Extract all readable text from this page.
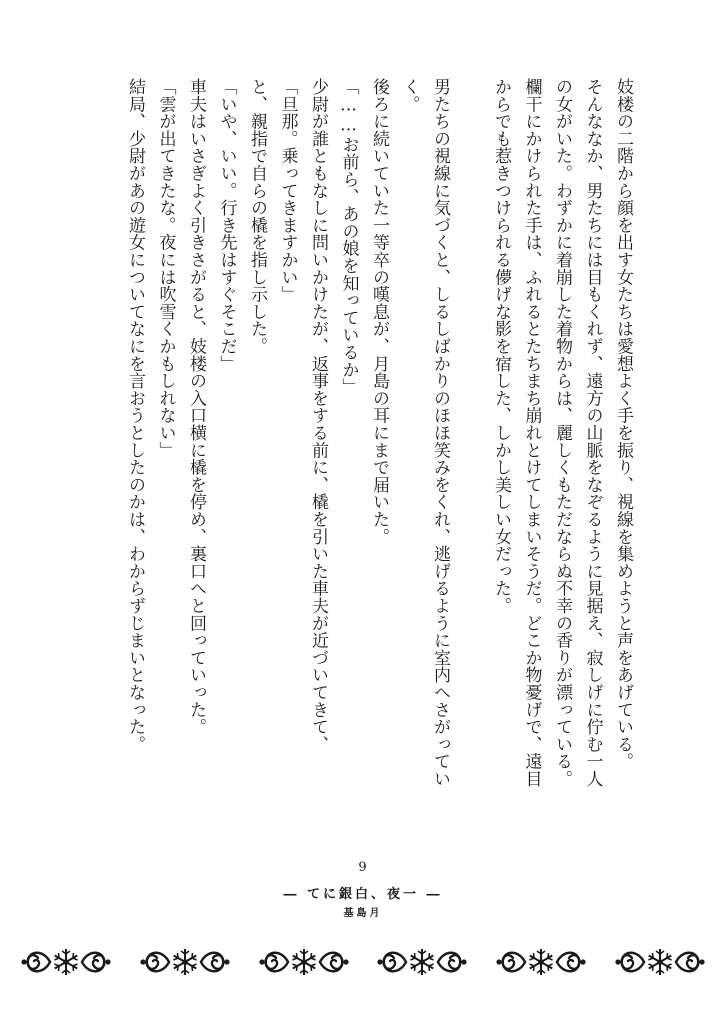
妓楼の二階から顔を出す女たちは愛想よく手を振り、視線を集めようと声をあげている。

そんななか、男たちには目もくれず、遠方の山脈をなぞるように見据え、寂しげに佇む一人の女がいた。わずかに着崩した着物からは、麗しくもただならぬ不幸の香りが漂っている。欄干にかけられた手は、ふれるとたちまち崩れとけてしまいそうだ。どこか物憂げで、遠目からでも惹きつけられる儚げな影を宿した、しかし美しい女だった。

男たちの視線に気づくと、しるしばかりのほほ笑みをくれ、逃げるように室内へさがっていく。

後ろに続いていた一等卒の嘆息が、月島の耳にまで届いた。

「……お前ら、あの娘を知っているか」

少尉が誰ともなしに問いかけたが、返事をする前に、橇を引いた車夫が近づいてきて、

「旦那。乗ってきますかい」

と、親指で自らの橇を指し示した。

「いや、いい。行き先はすぐそこだ」

車夫はいさぎよく引きさがると、妓楼の入口横に橇を停め、裏口へと回っていった。

「雲が出てきたな。夜には吹雪くかもしれない」

結局、少尉があの遊女についてなにを言おうとしたのかは、わからずじまいとなった。

9
― てに銀白、夜一 ―
基島月
